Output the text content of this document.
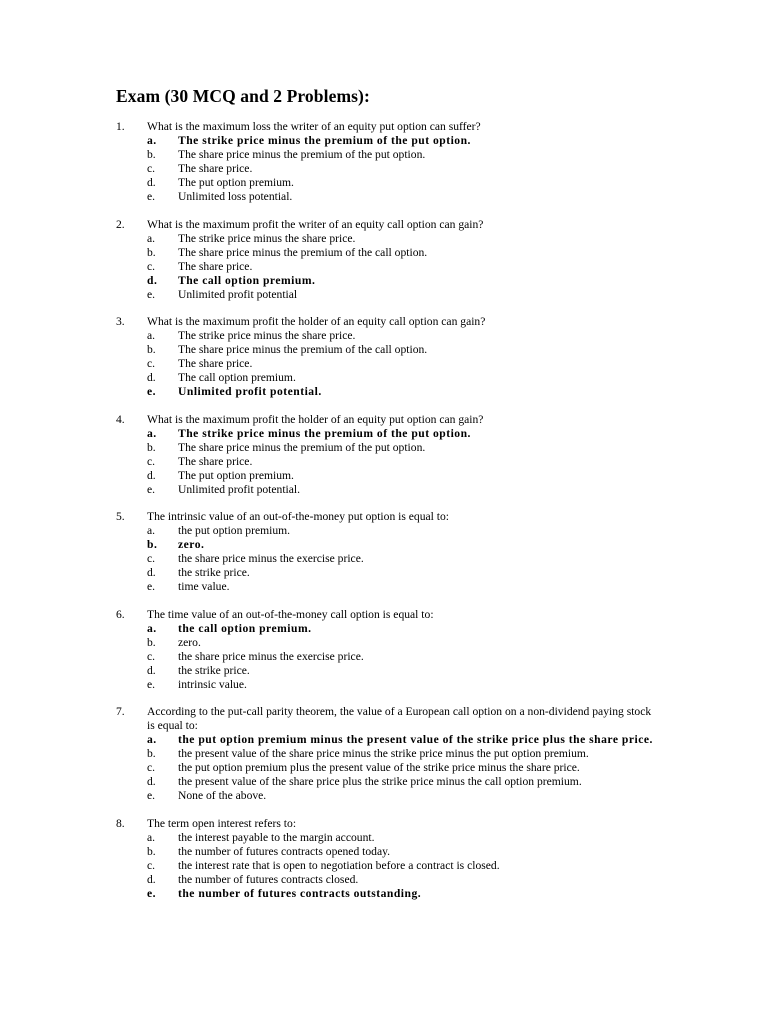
Exam (30 MCQ and 2 Problems):
1. What is the maximum loss the writer of an equity put option can suffer?
a. The strike price minus the premium of the put option.
b. The share price minus the premium of the put option.
c. The share price.
d. The put option premium.
e. Unlimited loss potential.
2. What is the maximum profit the writer of an equity call option can gain?
a. The strike price minus the share price.
b. The share price minus the premium of the call option.
c. The share price.
d. The call option premium.
e. Unlimited profit potential
3. What is the maximum profit the holder of an equity call option can gain?
a. The strike price minus the share price.
b. The share price minus the premium of the call option.
c. The share price.
d. The call option premium.
e. Unlimited profit potential.
4. What is the maximum profit the holder of an equity put option can gain?
a. The strike price minus the premium of the put option.
b. The share price minus the premium of the put option.
c. The share price.
d. The put option premium.
e. Unlimited profit potential.
5. The intrinsic value of an out-of-the-money put option is equal to:
a. the put option premium.
b. zero.
c. the share price minus the exercise price.
d. the strike price.
e. time value.
6. The time value of an out-of-the-money call option is equal to:
a. the call option premium.
b. zero.
c. the share price minus the exercise price.
d. the strike price.
e. intrinsic value.
7. According to the put-call parity theorem, the value of a European call option on a non-dividend paying stock is equal to:
a. the put option premium minus the present value of the strike price plus the share price.
b. the present value of the share price minus the strike price minus the put option premium.
c. the put option premium plus the present value of the strike price minus the share price.
d. the present value of the share price plus the strike price minus the call option premium.
e. None of the above.
8. The term open interest refers to:
a. the interest payable to the margin account.
b. the number of futures contracts opened today.
c. the interest rate that is open to negotiation before a contract is closed.
d. the number of futures contracts closed.
e. the number of futures contracts outstanding.
